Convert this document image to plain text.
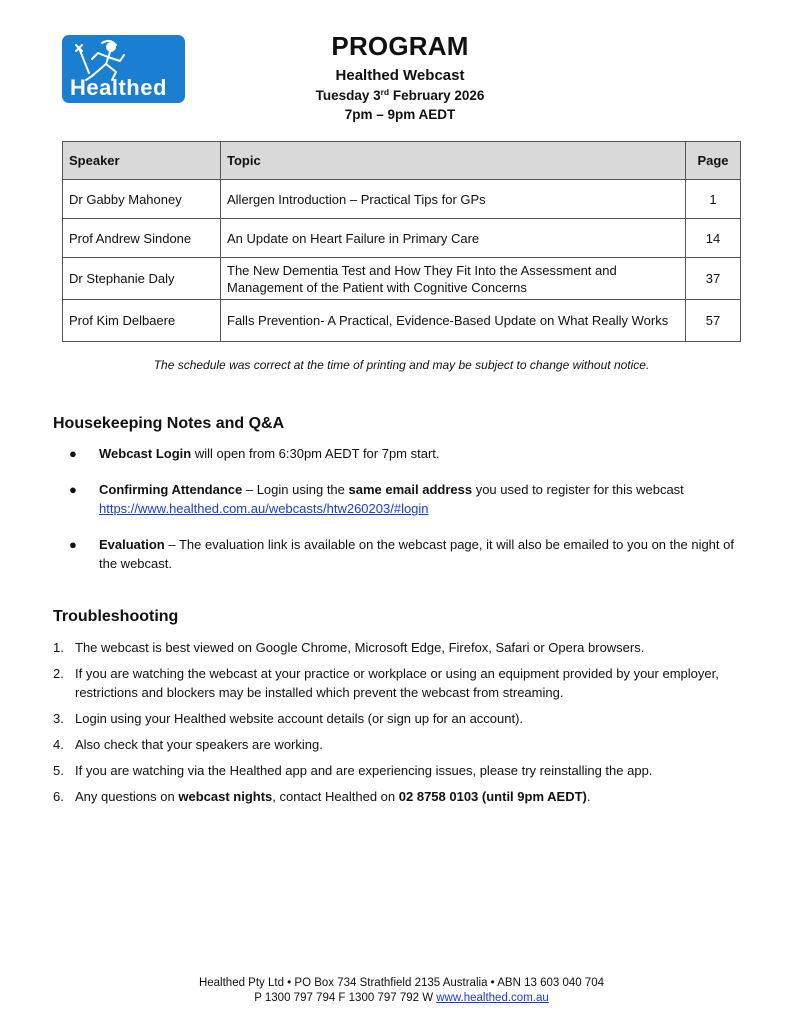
Healthed
PROGRAM
Healthed Webcast
Tuesday 3rd February 2026
7pm – 9pm AEDT
Speaker	Topic	Page
Dr Gabby Mahoney	Allergen Introduction – Practical Tips for GPs	1
Prof Andrew Sindone	An Update on Heart Failure in Primary Care	14
Dr Stephanie Daly	The New Dementia Test and How They Fit Into the Assessment and Management of the Patient with Cognitive Concerns	37
Prof Kim Delbaere	Falls Prevention- A Practical, Evidence-Based Update on What Really Works	57
The schedule was correct at the time of printing and may be subject to change without notice.
Housekeeping Notes and Q&A
● Webcast Login will open from 6:30pm AEDT for 7pm start.
● Confirming Attendance – Login using the same email address you used to register for this webcast
https://www.healthed.com.au/webcasts/htw260203/#login
● Evaluation – The evaluation link is available on the webcast page, it will also be emailed to you on the night of the webcast.
Troubleshooting
1. The webcast is best viewed on Google Chrome, Microsoft Edge, Firefox, Safari or Opera browsers.
2. If you are watching the webcast at your practice or workplace or using an equipment provided by your employer, restrictions and blockers may be installed which prevent the webcast from streaming.
3. Login using your Healthed website account details (or sign up for an account).
4. Also check that your speakers are working.
5. If you are watching via the Healthed app and are experiencing issues, please try reinstalling the app.
6. Any questions on webcast nights, contact Healthed on 02 8758 0103 (until 9pm AEDT).
Healthed Pty Ltd • PO Box 734 Strathfield 2135 Australia • ABN 13 603 040 704
P 1300 797 794 F 1300 797 792 W www.healthed.com.au
